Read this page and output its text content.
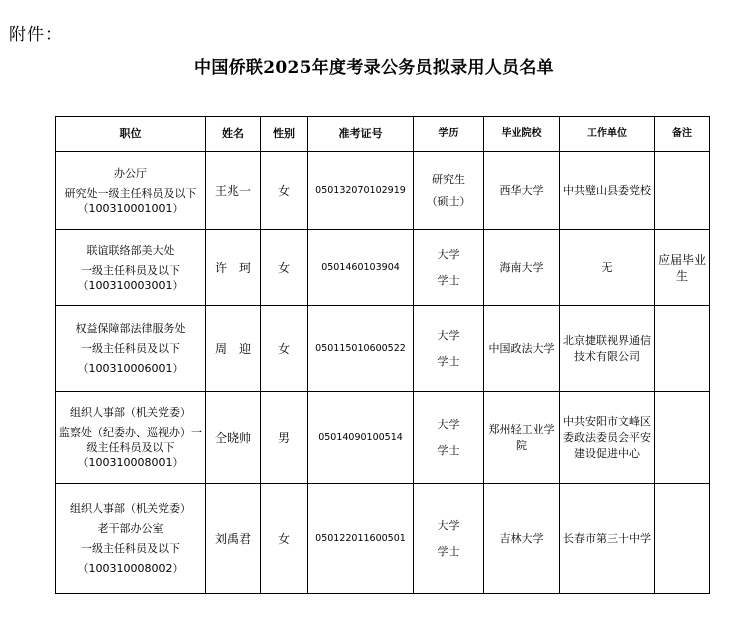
附件：
中国侨联2025年度考录公务员拟录用人员名单
职位	姓名	性别	准考证号	学历	毕业院校	工作单位	备注

办公厅
研究处一级主任科员及以下（100310001001）	王兆一	女	050132070102919	研究生
（硕士）	西华大学	中共璧山县委党校	

联谊联络部美大处
一级主任科员及以下
（100310003001）	许　珂	女	0501460103904	大学
学士	海南大学	无	应届毕业生

权益保障部法律服务处
一级主任科员及以下
（100310006001）	周　迎	女	050115010600522	大学
学士	中国政法大学	北京捷联视界通信技术有限公司	

组织人事部（机关党委）
监察处（纪委办、巡视办）一级主任科员及以下（100310008001）	仝晓帅	男	05014090100514	大学
学士	郑州轻工业学院	中共安阳市文峰区委政法委员会平安建设促进中心	

组织人事部（机关党委）
老干部办公室
一级主任科员及以下
（100310008002）	刘禹君	女	050122011600501	大学
学士	吉林大学	长春市第三十中学	
